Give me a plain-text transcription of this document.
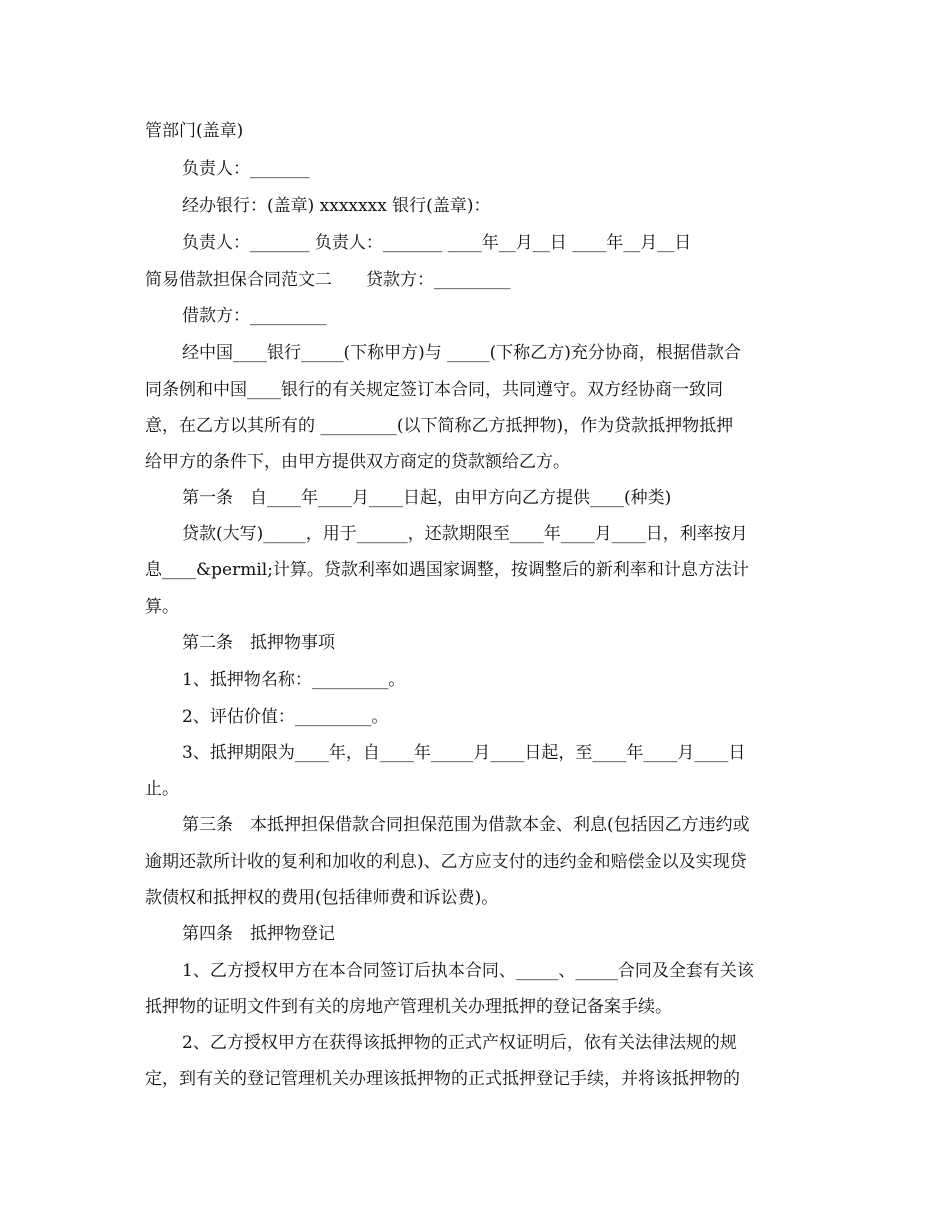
管部门(盖章)
负责人：_______
经办银行：(盖章) xxxxxxx 银行(盖章)：
负责人：_______ 负责人：_______ ____年__月__日 ____年__月__日
简易借款担保合同范文二　　贷款方：_________
借款方：_________
经中国____银行_____(下称甲方)与 _____(下称乙方)充分协商，根据借款合
同条例和中国____银行的有关规定签订本合同，共同遵守。双方经协商一致同
意，在乙方以其所有的 _________(以下简称乙方抵押物)，作为贷款抵押物抵押
给甲方的条件下，由甲方提供双方商定的贷款额给乙方。
第一条　自____年____月____日起，由甲方向乙方提供____(种类)
贷款(大写)_____，用于______，还款期限至____年____月____日，利率按月
息____&permil;计算。贷款利率如遇国家调整，按调整后的新利率和计息方法计
算。
第二条　抵押物事项
1、抵押物名称：_________。
2、评估价值：_________。
3、抵押期限为____年，自____年_____月____日起，至____年____月____日
止。
第三条　本抵押担保借款合同担保范围为借款本金、利息(包括因乙方违约或
逾期还款所计收的复利和加收的利息)、乙方应支付的违约金和赔偿金以及实现贷
款债权和抵押权的费用(包括律师费和诉讼费)。
第四条　抵押物登记
1、乙方授权甲方在本合同签订后执本合同、_____、_____合同及全套有关该
抵押物的证明文件到有关的房地产管理机关办理抵押的登记备案手续。
2、乙方授权甲方在获得该抵押物的正式产权证明后，依有关法律法规的规
定，到有关的登记管理机关办理该抵押物的正式抵押登记手续，并将该抵押物的
